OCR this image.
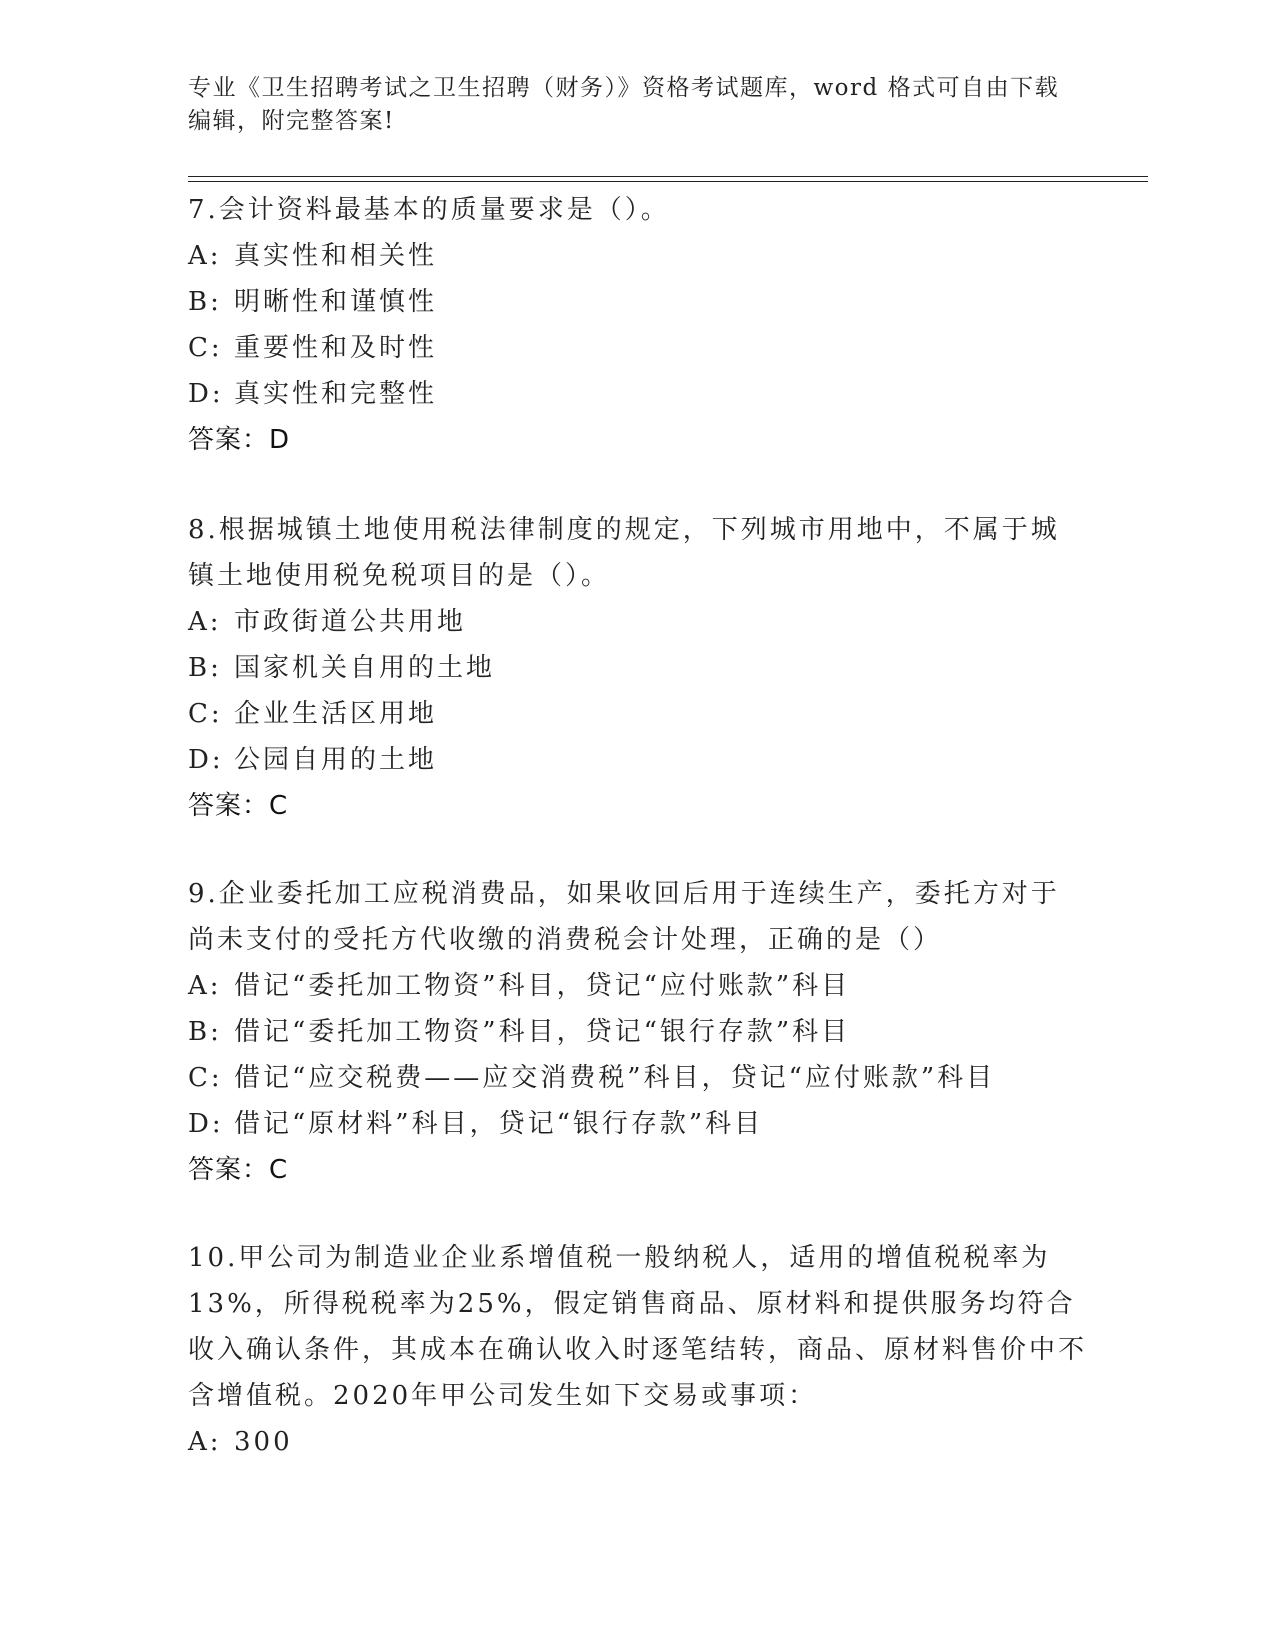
专业《卫生招聘考试之卫生招聘（财务）》资格考试题库，word 格式可自由下载
编辑，附完整答案!
7.会计资料最基本的质量要求是（）。
A: 真实性和相关性
B: 明晰性和谨慎性
C: 重要性和及时性
D: 真实性和完整性
答案：D
8.根据城镇土地使用税法律制度的规定，下列城市用地中，不属于城镇土地使用税免税项目的是（）。
A: 市政街道公共用地
B: 国家机关自用的土地
C: 企业生活区用地
D: 公园自用的土地
答案：C
9.企业委托加工应税消费品，如果收回后用于连续生产，委托方对于尚未支付的受托方代收缴的消费税会计处理，正确的是（）
A: 借记“委托加工物资”科目，贷记“应付账款”科目
B: 借记“委托加工物资”科目，贷记“银行存款”科目
C: 借记“应交税费——应交消费税”科目，贷记“应付账款”科目
D: 借记“原材料”科目，贷记“银行存款”科目
答案：C
10.甲公司为制造业企业系增值税一般纳税人，适用的增值税税率为13%，所得税税率为25%，假定销售商品、原材料和提供服务均符合收入确认条件，其成本在确认收入时逐笔结转，商品、原材料售价中不含增值税。2020年甲公司发生如下交易或事项：
A: 300
